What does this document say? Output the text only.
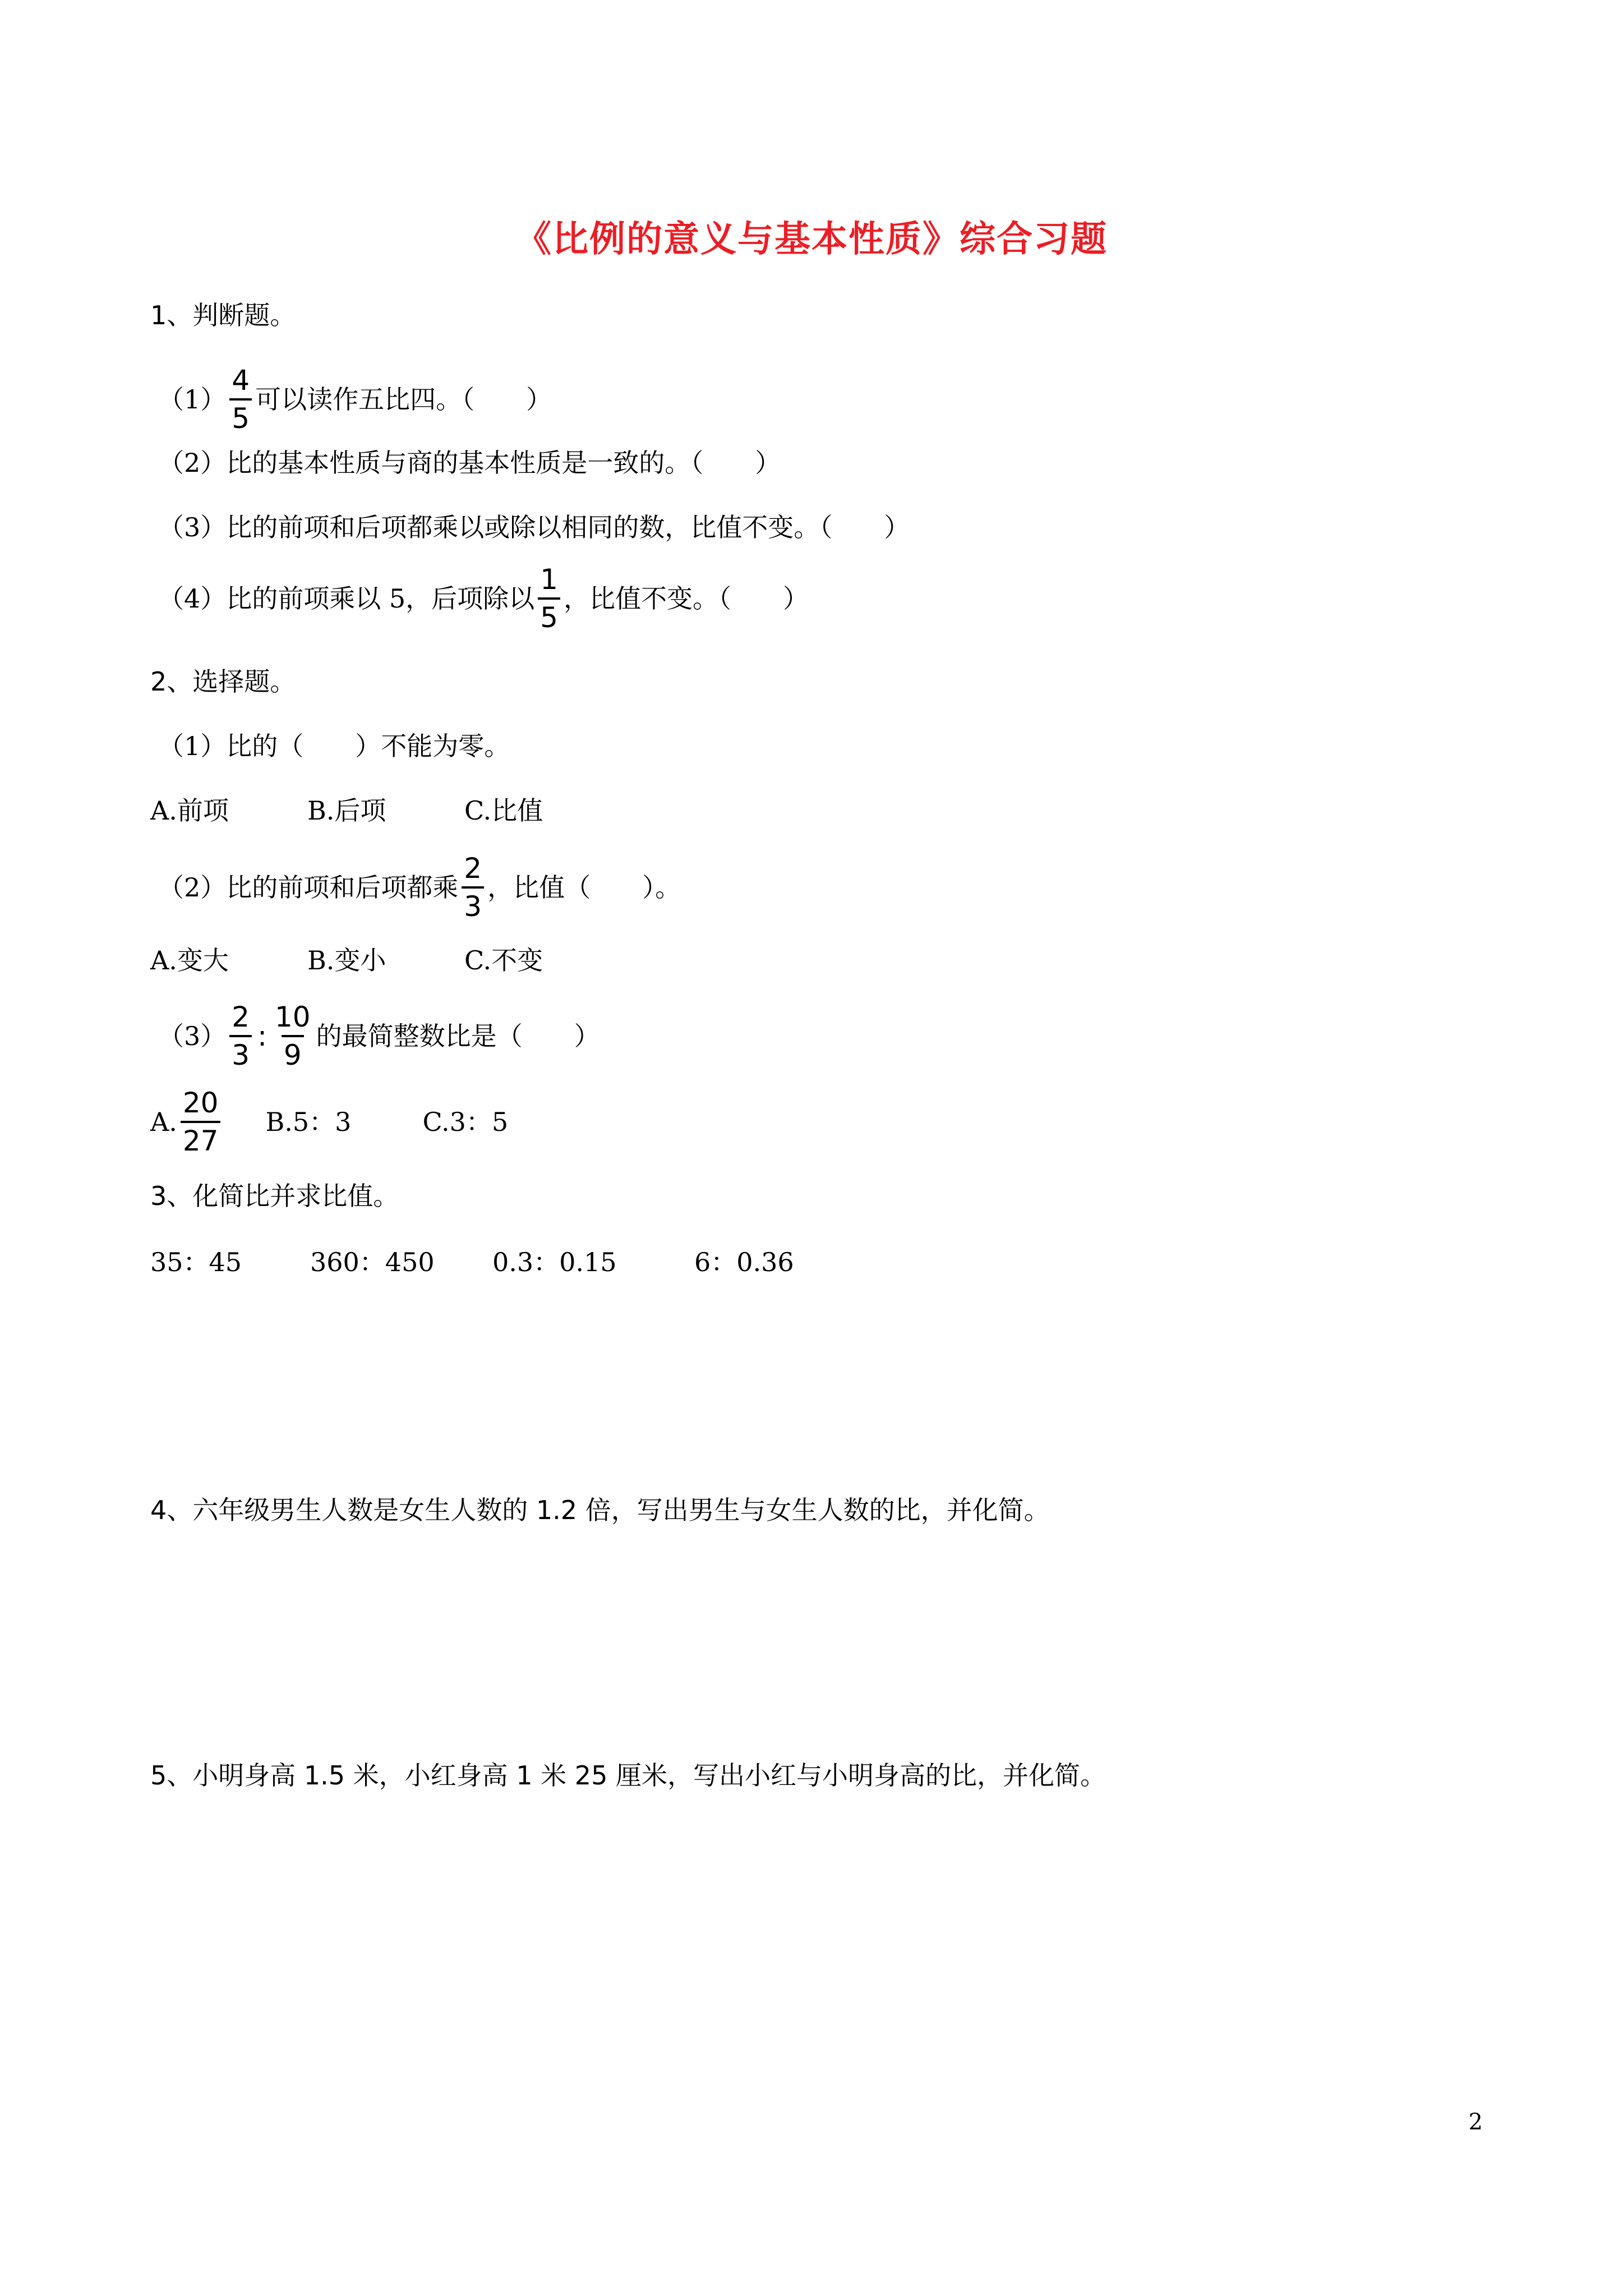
《比例的意义与基本性质》综合习题
1、判断题。
$(1) \frac{4}{5}$ 可以读作五比四。（　　）
（2）比的基本性质与商的基本性质是一致的。（　　）
（3）比的前项和后项都乘以或除以相同的数，比值不变。（　　）
（4）比的前项乘以 5，后项除以 $\frac{1}{5}$ ，比值不变。（　　）
2、选择题。
（1）比的（　　）不能为零。
A.前项	B.后项	C.比值
（2）比的前项和后项都乘 $\frac{2}{3}$ ，比值（　　）。
A.变大	B.变小	C.不变
$(3) \frac{2}{3}$ : $\frac{10}{9}$ 的最简整数比是（　　）
A. $\frac{20}{27} B.5$：3	C.3：5
3、化简比并求比值。
35：45	360：450	0.3：0.15	6：0.36
4、六年级男生人数是女生人数的 1.2 倍，写出男生与女生人数的比，并化简。
5、小明身高 1.5 米，小红身高 1 米 25 厘米，写出小红与小明身高的比，并化简。
2
